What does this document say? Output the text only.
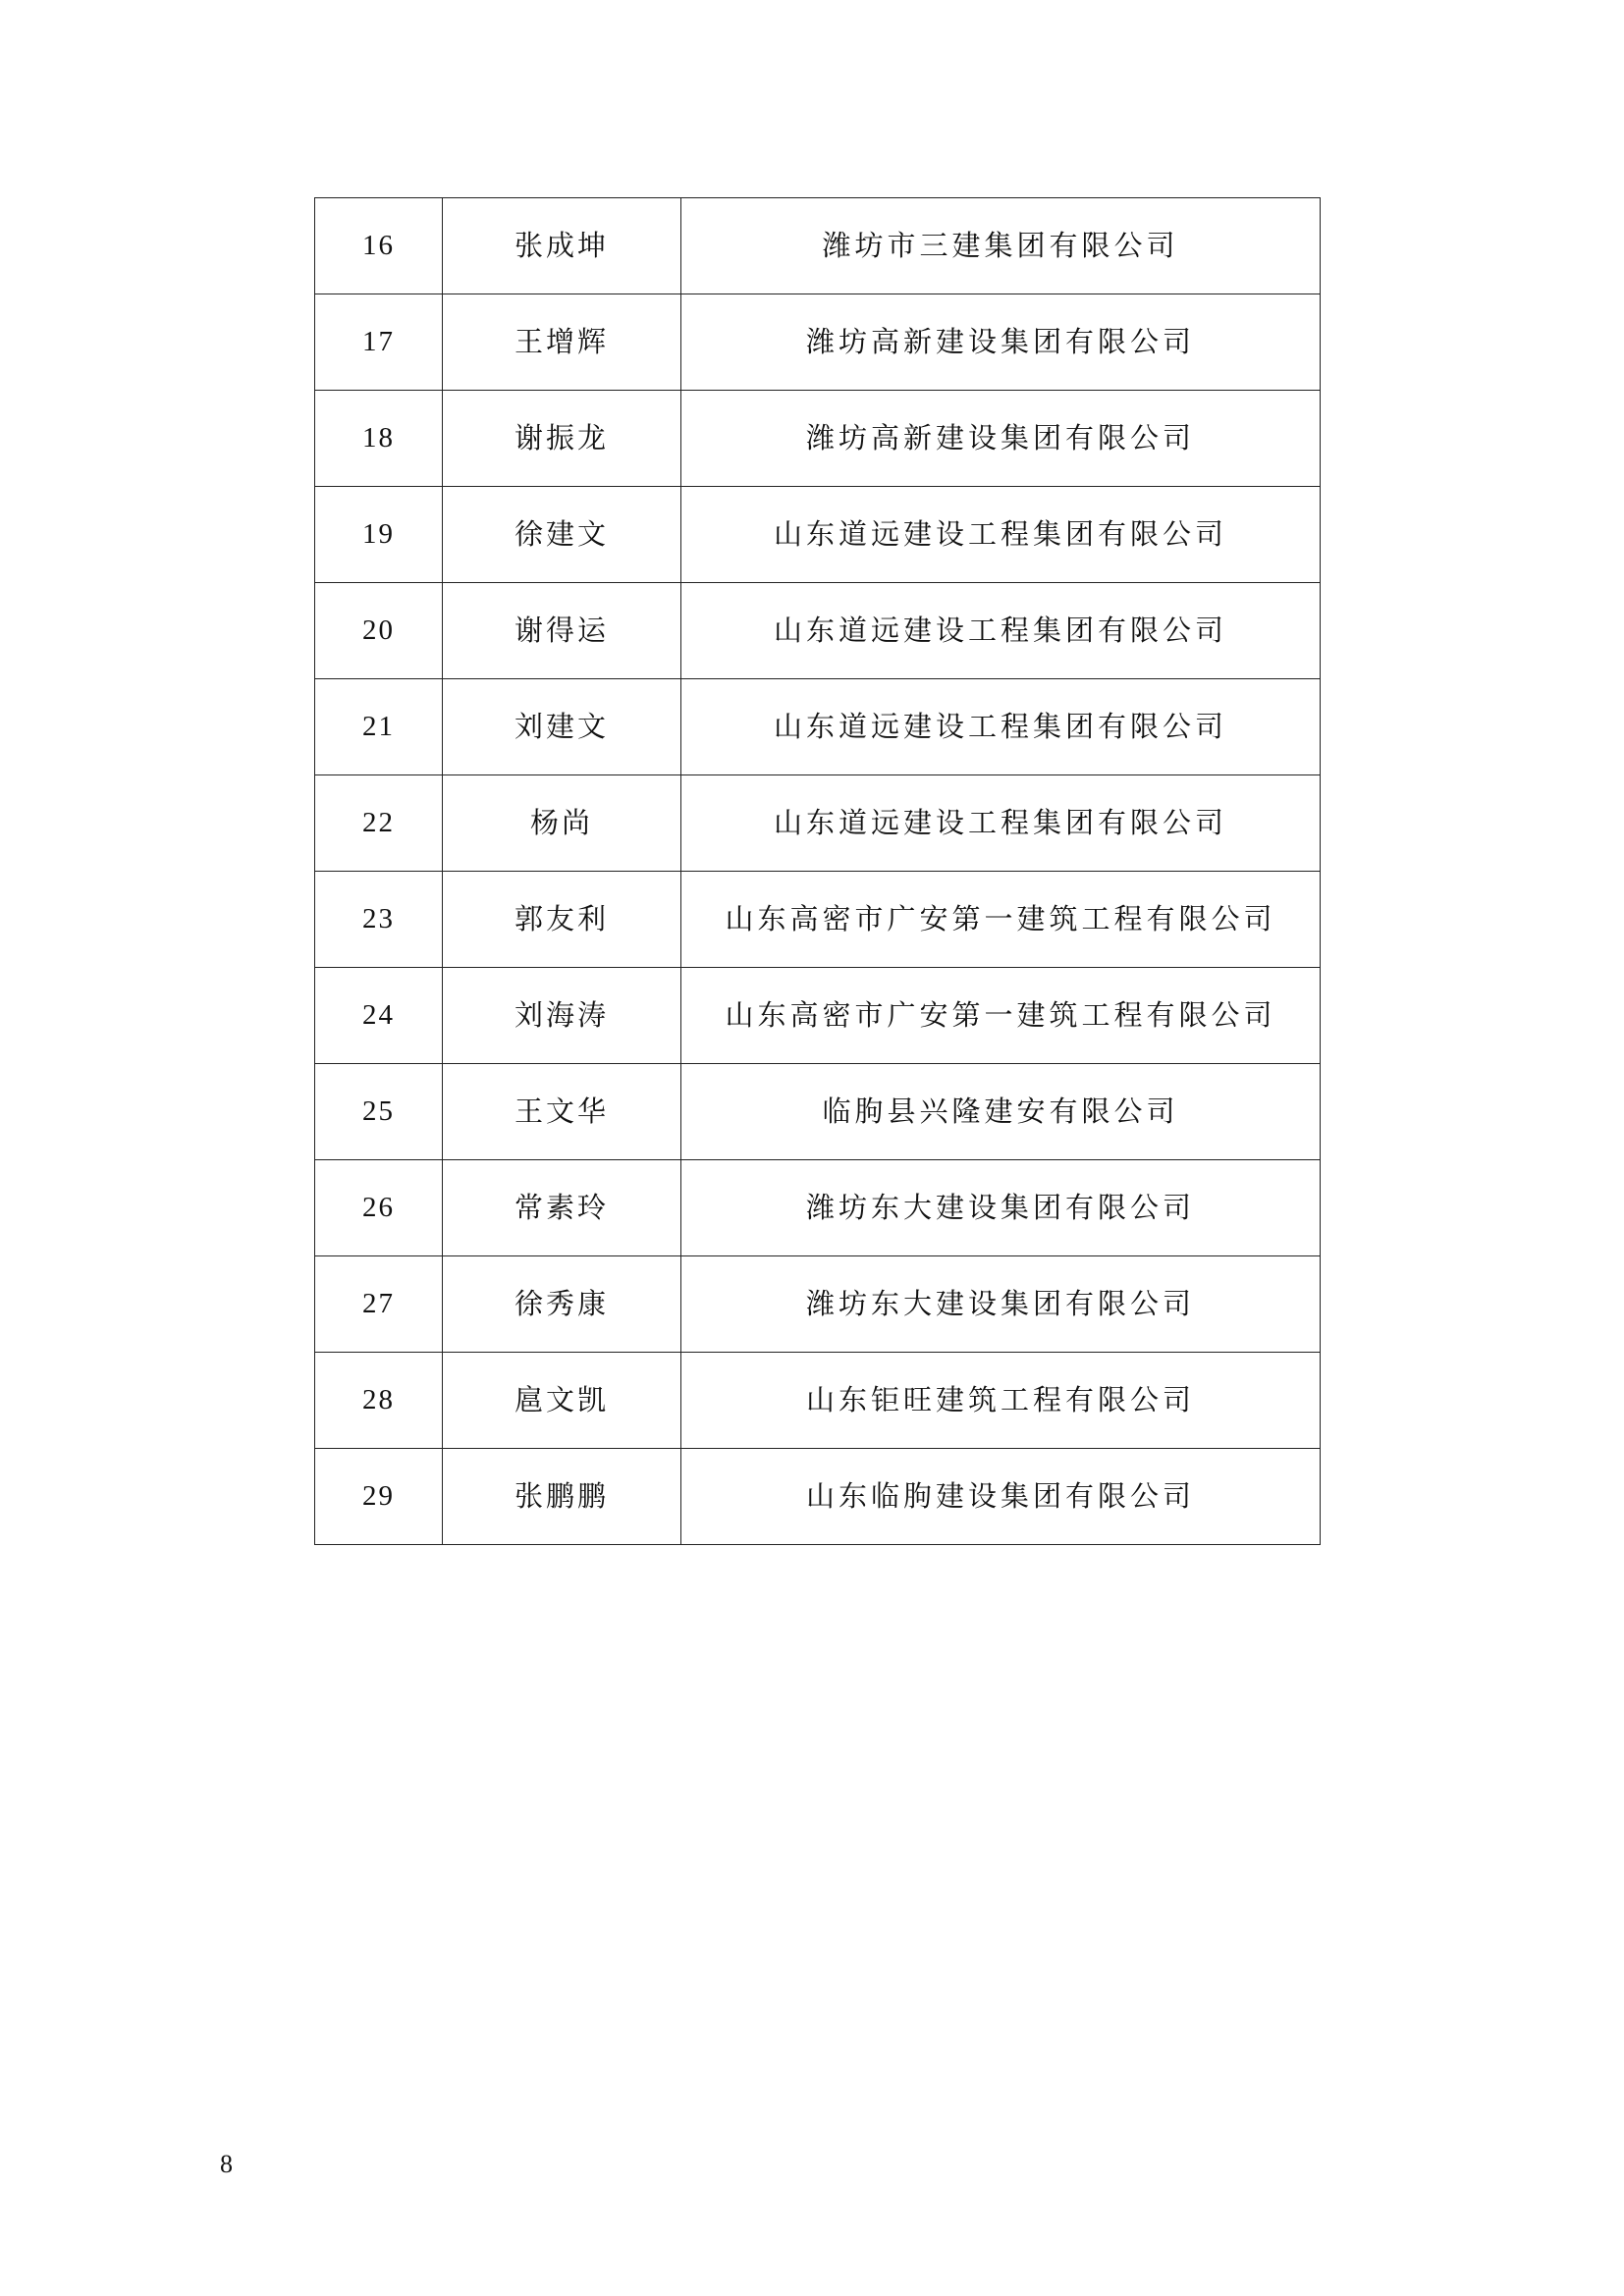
16	张成坤	潍坊市三建集团有限公司
17	王增辉	潍坊高新建设集团有限公司
18	谢振龙	潍坊高新建设集团有限公司
19	徐建文	山东道远建设工程集团有限公司
20	谢得运	山东道远建设工程集团有限公司
21	刘建文	山东道远建设工程集团有限公司
22	杨尚	山东道远建设工程集团有限公司
23	郭友利	山东高密市广安第一建筑工程有限公司
24	刘海涛	山东高密市广安第一建筑工程有限公司
25	王文华	临朐县兴隆建安有限公司
26	常素玲	潍坊东大建设集团有限公司
27	徐秀康	潍坊东大建设集团有限公司
28	扈文凯	山东钜旺建筑工程有限公司
29	张鹏鹏	山东临朐建设集团有限公司
8
